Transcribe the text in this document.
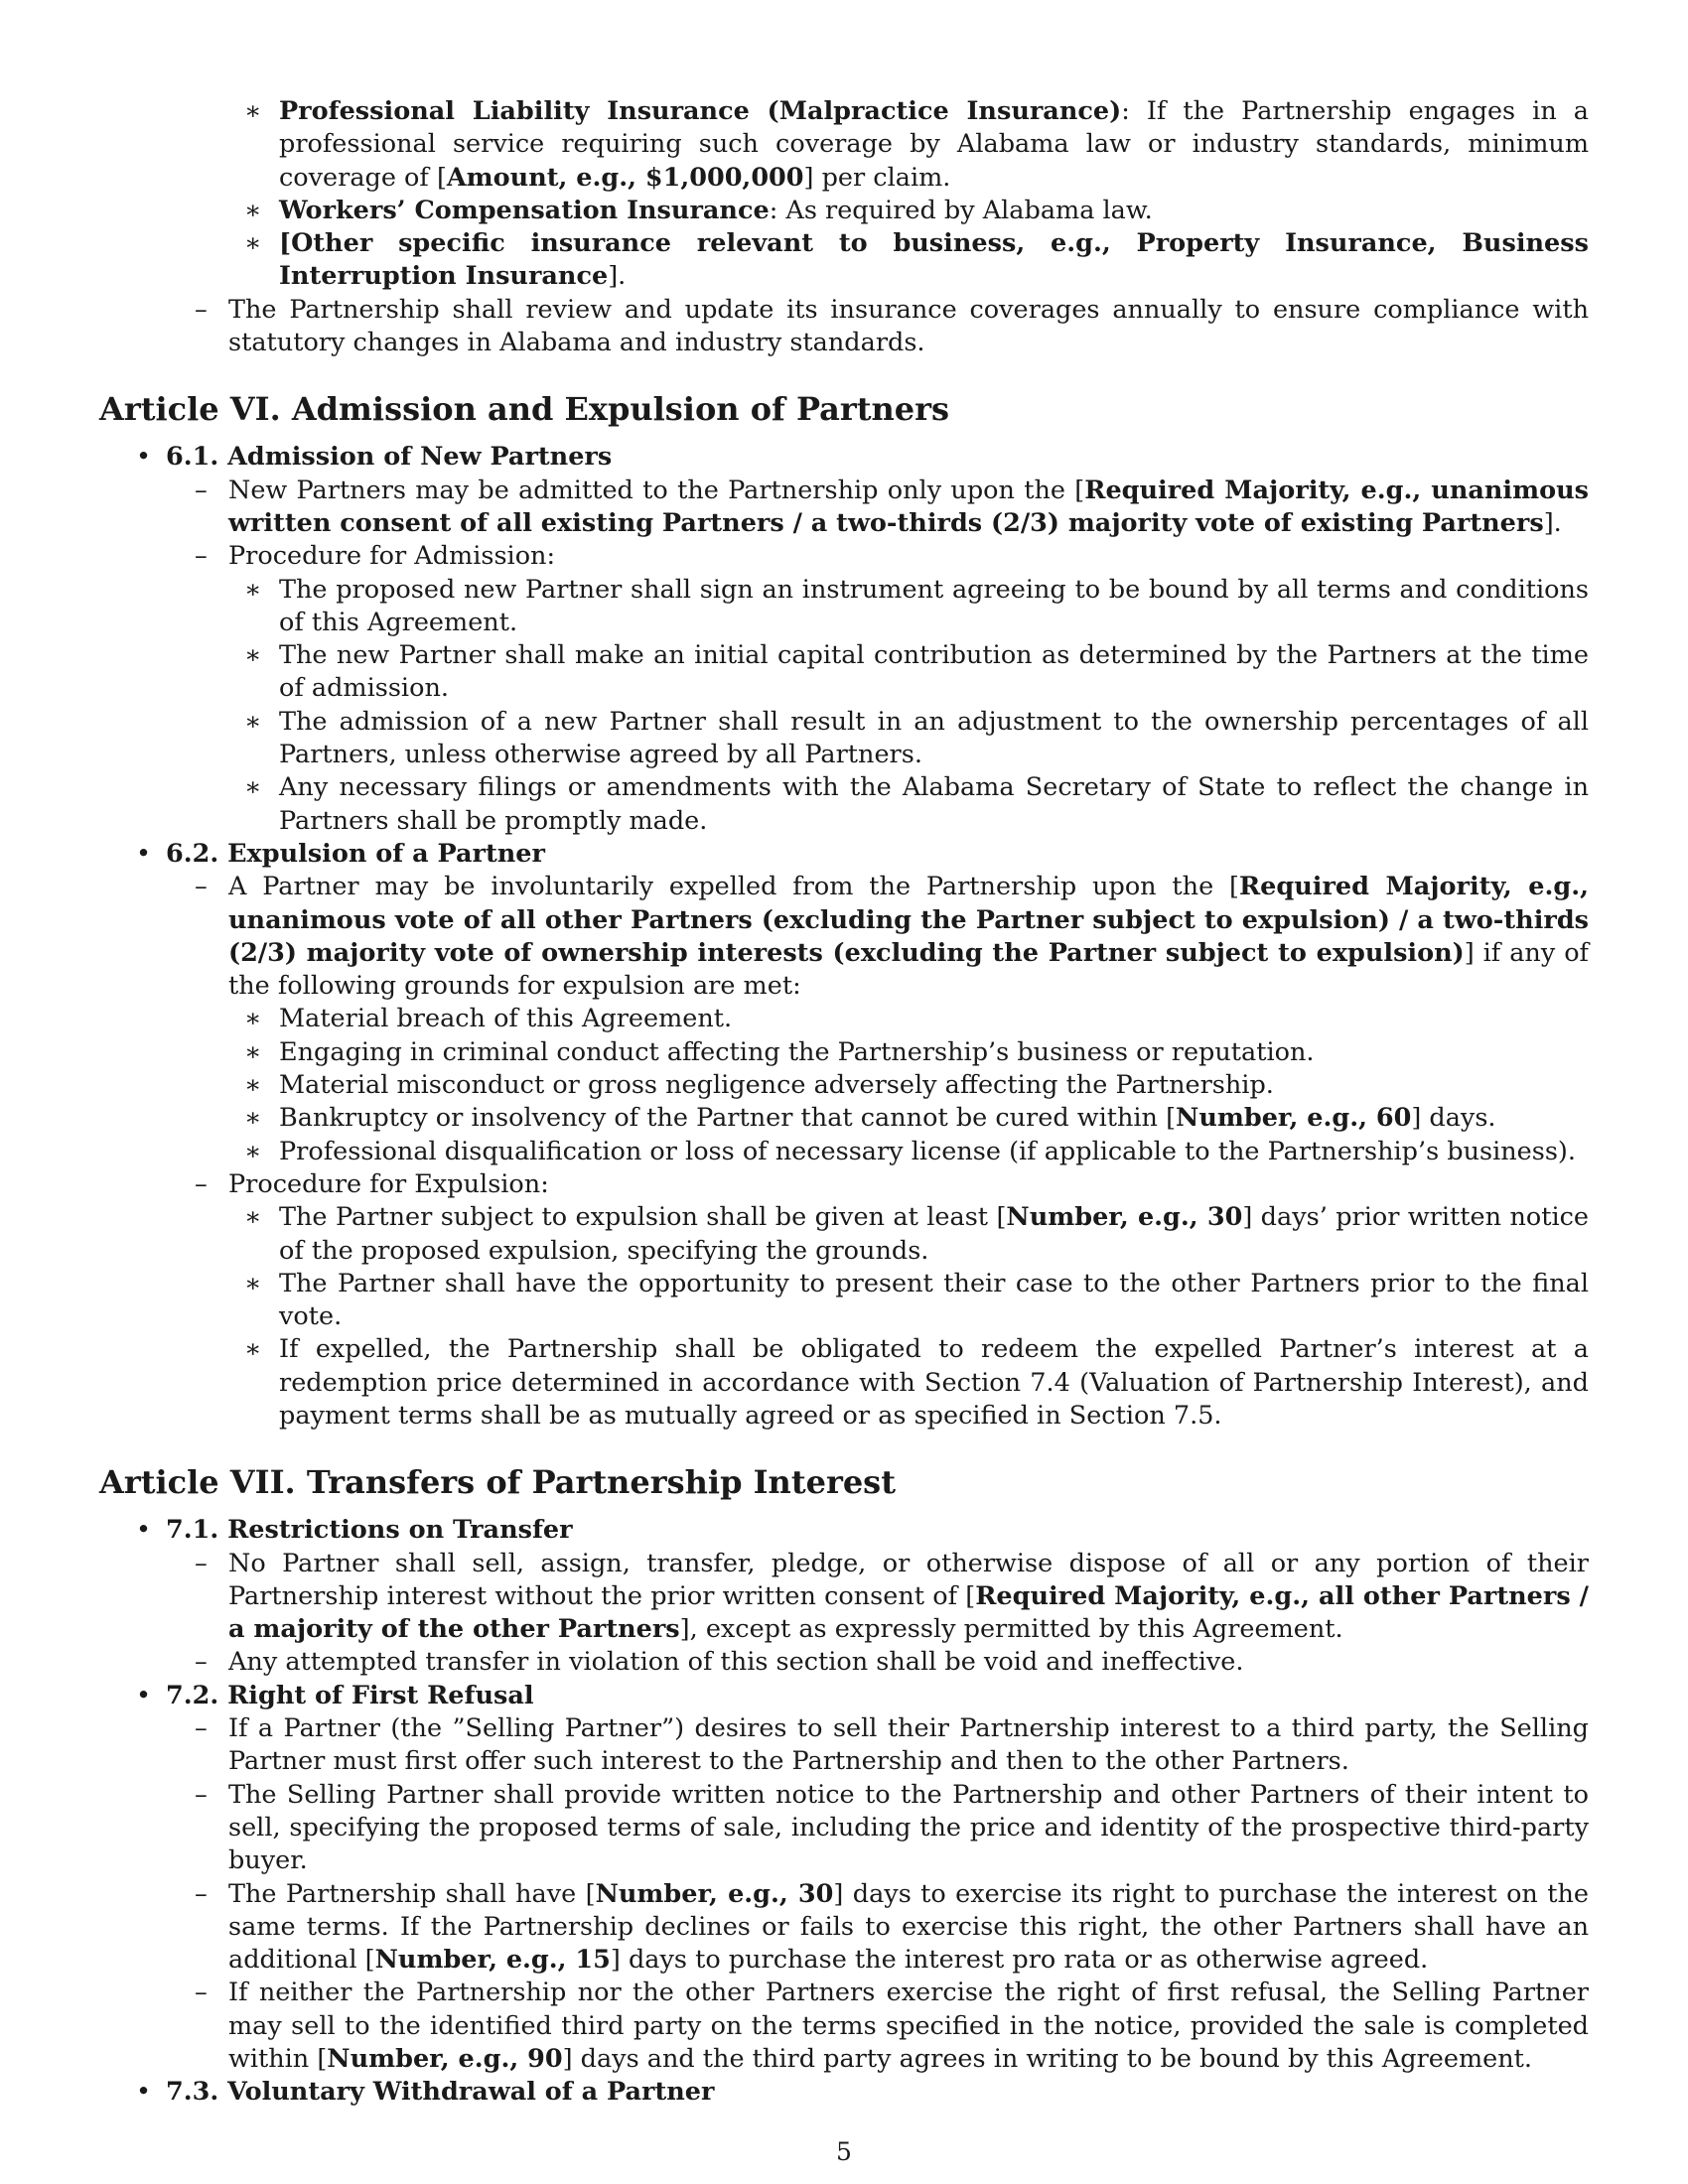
∗ Professional Liability Insurance (Malpractice Insurance): If the Partnership engages in a professional service requiring such coverage by Alabama law or industry standards, minimum coverage of [Amount, e.g., $1,000,000] per claim.
∗ Workers’ Compensation Insurance: As required by Alabama law.
∗ [Other specific insurance relevant to business, e.g., Property Insurance, Business Interruption Insurance].
– The Partnership shall review and update its insurance coverages annually to ensure compliance with statutory changes in Alabama and industry standards.
Article VI. Admission and Expulsion of Partners
• 6.1. Admission of New Partners
– New Partners may be admitted to the Partnership only upon the [Required Majority, e.g., unanimous written consent of all existing Partners / a two-thirds (2/3) majority vote of existing Partners].
– Procedure for Admission:
∗ The proposed new Partner shall sign an instrument agreeing to be bound by all terms and conditions of this Agreement.
∗ The new Partner shall make an initial capital contribution as determined by the Partners at the time of admission.
∗ The admission of a new Partner shall result in an adjustment to the ownership percentages of all Partners, unless otherwise agreed by all Partners.
∗ Any necessary filings or amendments with the Alabama Secretary of State to reflect the change in Partners shall be promptly made.
• 6.2. Expulsion of a Partner
– A Partner may be involuntarily expelled from the Partnership upon the [Required Majority, e.g., unanimous vote of all other Partners (excluding the Partner subject to expulsion) / a two-thirds (2/3) majority vote of ownership interests (excluding the Partner subject to expulsion)] if any of the following grounds for expulsion are met:
∗ Material breach of this Agreement.
∗ Engaging in criminal conduct affecting the Partnership’s business or reputation.
∗ Material misconduct or gross negligence adversely affecting the Partnership.
∗ Bankruptcy or insolvency of the Partner that cannot be cured within [Number, e.g., 60] days.
∗ Professional disqualification or loss of necessary license (if applicable to the Partnership’s business).
– Procedure for Expulsion:
∗ The Partner subject to expulsion shall be given at least [Number, e.g., 30] days’ prior written notice of the proposed expulsion, specifying the grounds.
∗ The Partner shall have the opportunity to present their case to the other Partners prior to the final vote.
∗ If expelled, the Partnership shall be obligated to redeem the expelled Partner’s interest at a redemption price determined in accordance with Section 7.4 (Valuation of Partnership Interest), and payment terms shall be as mutually agreed or as specified in Section 7.5.
Article VII. Transfers of Partnership Interest
• 7.1. Restrictions on Transfer
– No Partner shall sell, assign, transfer, pledge, or otherwise dispose of all or any portion of their Partnership interest without the prior written consent of [Required Majority, e.g., all other Partners / a majority of the other Partners], except as expressly permitted by this Agreement.
– Any attempted transfer in violation of this section shall be void and ineffective.
• 7.2. Right of First Refusal
– If a Partner (the ”Selling Partner”) desires to sell their Partnership interest to a third party, the Selling Partner must first offer such interest to the Partnership and then to the other Partners.
– The Selling Partner shall provide written notice to the Partnership and other Partners of their intent to sell, specifying the proposed terms of sale, including the price and identity of the prospective third-party buyer.
– The Partnership shall have [Number, e.g., 30] days to exercise its right to purchase the interest on the same terms. If the Partnership declines or fails to exercise this right, the other Partners shall have an additional [Number, e.g., 15] days to purchase the interest pro rata or as otherwise agreed.
– If neither the Partnership nor the other Partners exercise the right of first refusal, the Selling Partner may sell to the identified third party on the terms specified in the notice, provided the sale is completed within [Number, e.g., 90] days and the third party agrees in writing to be bound by this Agreement.
• 7.3. Voluntary Withdrawal of a Partner
5
